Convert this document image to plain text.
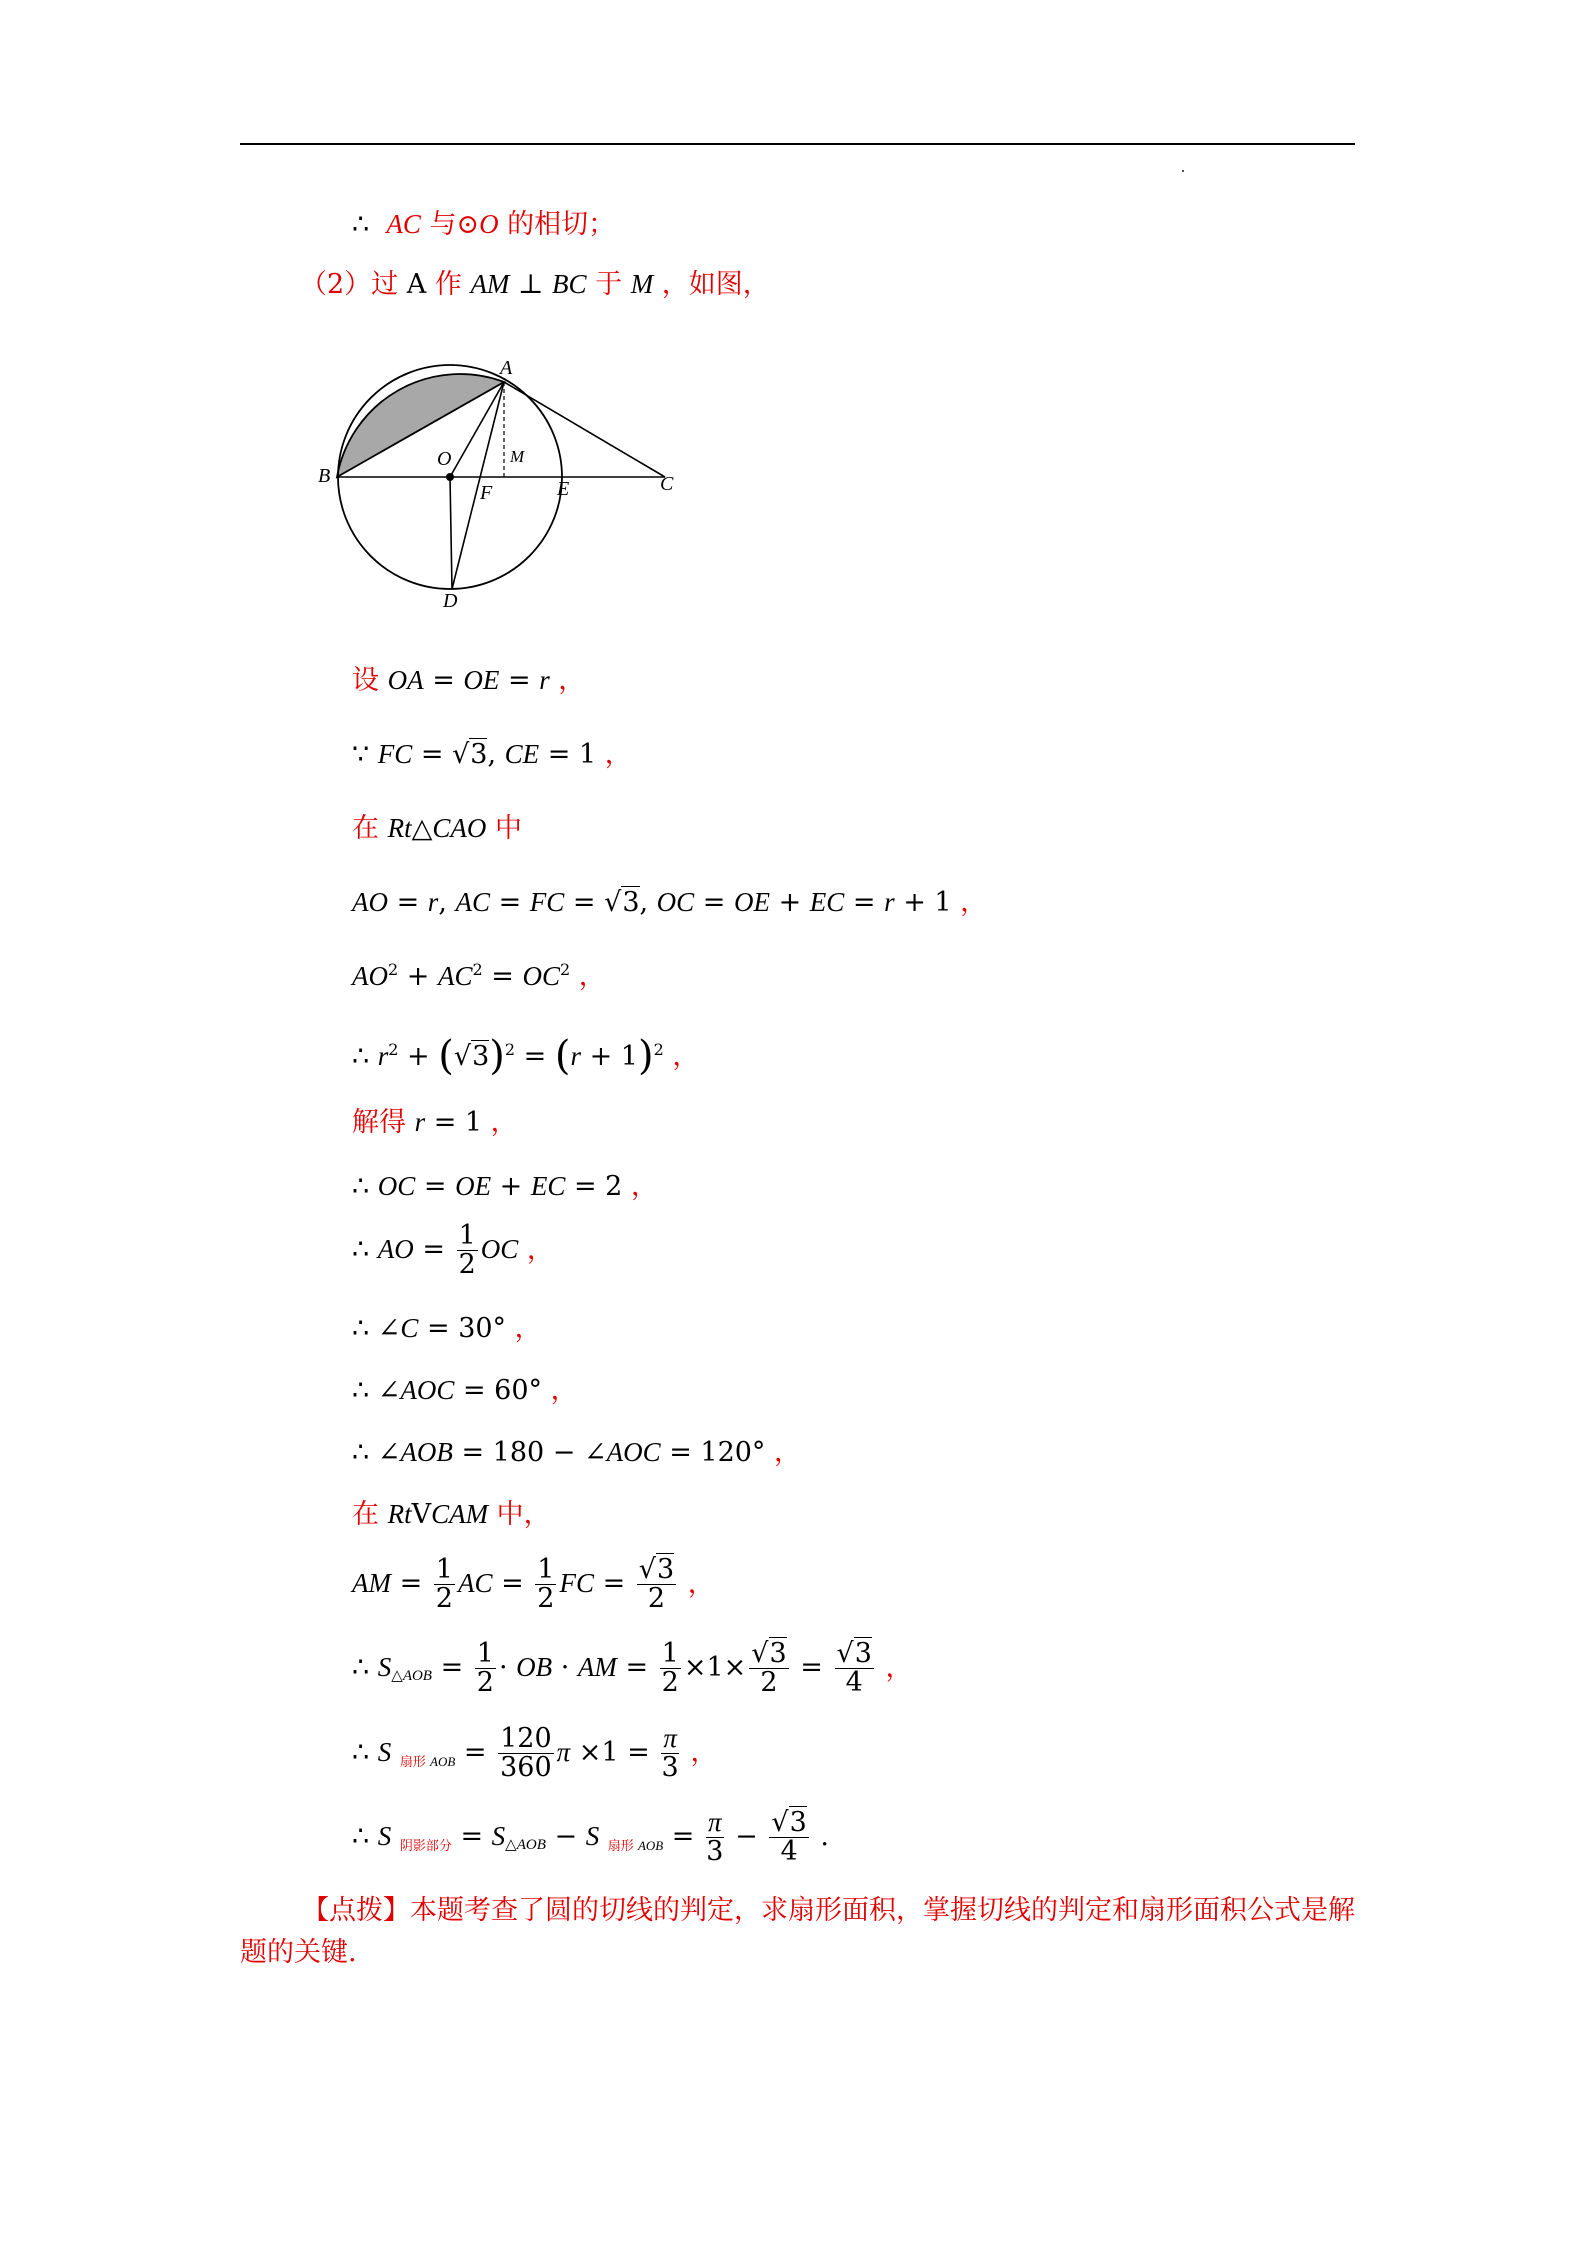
∴ AC 与⊙O 的相切；
（2）过 A 作 AM ⊥ BC 于 M ，如图，
A
B
O	M
F	E	C
D
设 OA = OE = r ，
∵ FC = √3, CE = 1 ，
在 Rt△CAO 中
AO = r, AC = FC = √3, OC = OE + EC = r + 1 ，
$AO^2 + AC^2 = OC^2$ ，
∴ $r^2 + (√3)^2 = (r + 1)^2$ ，
解得 r = 1 ，
∴ OC = OE + EC = 2 ，
∴ AO = $\frac{1}{2}$ OC ，
∴ ∠C = 30° ，
∴ ∠AOC = 60° ，
∴ ∠AOB = 180 − ∠AOC = 120° ，
在 RtVCAM 中，
AM = $\frac{1}{2}$ AC = $\frac{1}{2}$ FC = $\frac{√3}{2}$ ，
∴ $S_{\triangle AOB} = \frac{1}{2}$ · OB · AM = $\frac{1}{2} \times 1\times \frac{√3}{2} = \frac{√3}{4}$ ，
∴ S $_{扇形 AOB} = \frac{120}{360}$ $\pi \times 1 = \frac{\pi}{3}$ ，
∴ S $_{阴影部分} = S_{\triangle AOB} - S$ $_{扇形 AOB} = \frac{\pi}{3} - \frac{√3}{4}$ .
【点拨】本题考查了圆的切线的判定，求扇形面积，掌握切线的判定和扇形面积公式是解题的关键.
